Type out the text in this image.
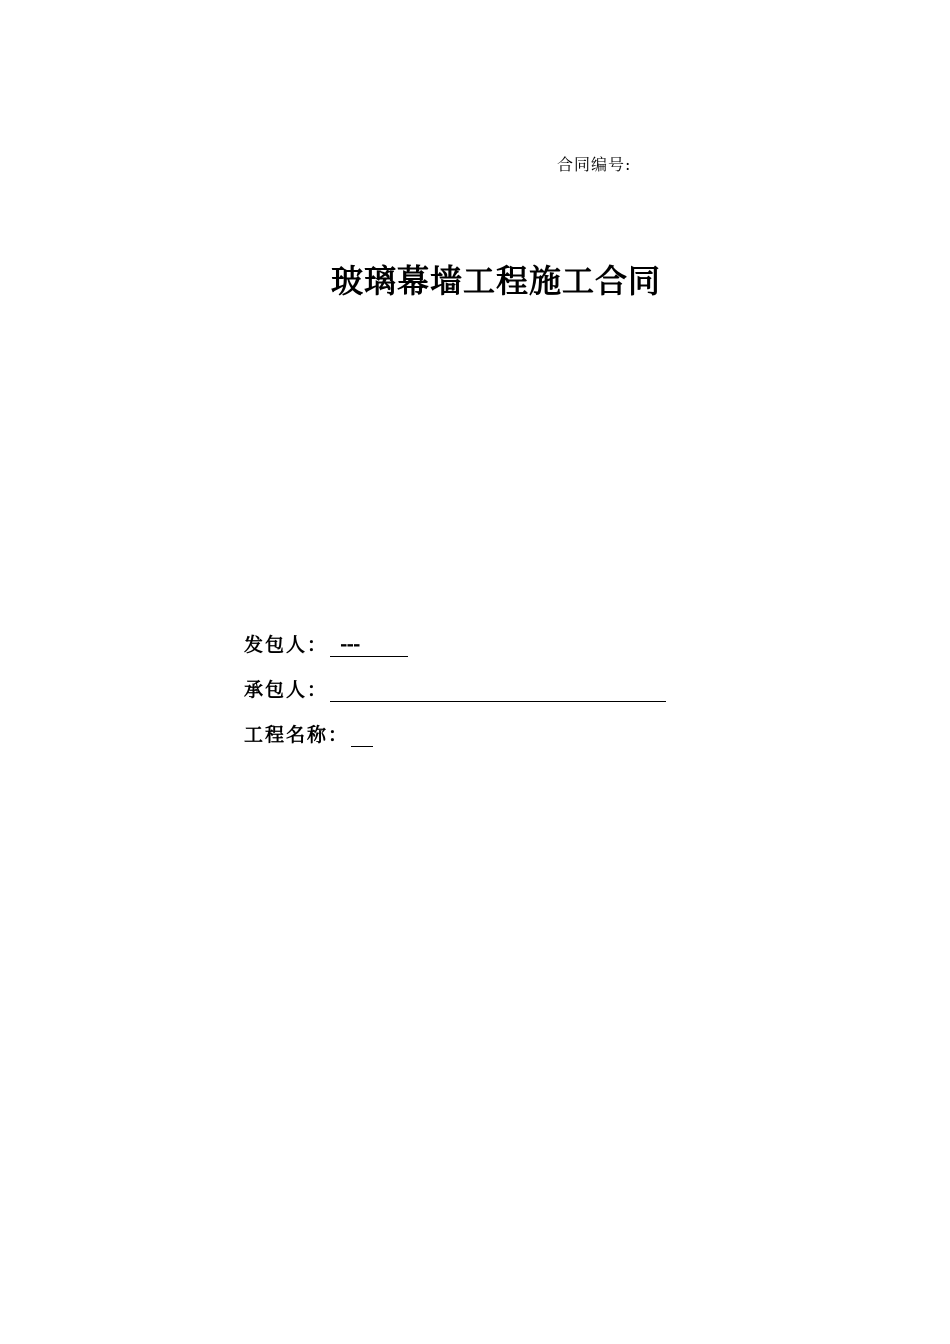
合同编号:
玻璃幕墙工程施工合同
发包人： ---
承包人：
工程名称：
